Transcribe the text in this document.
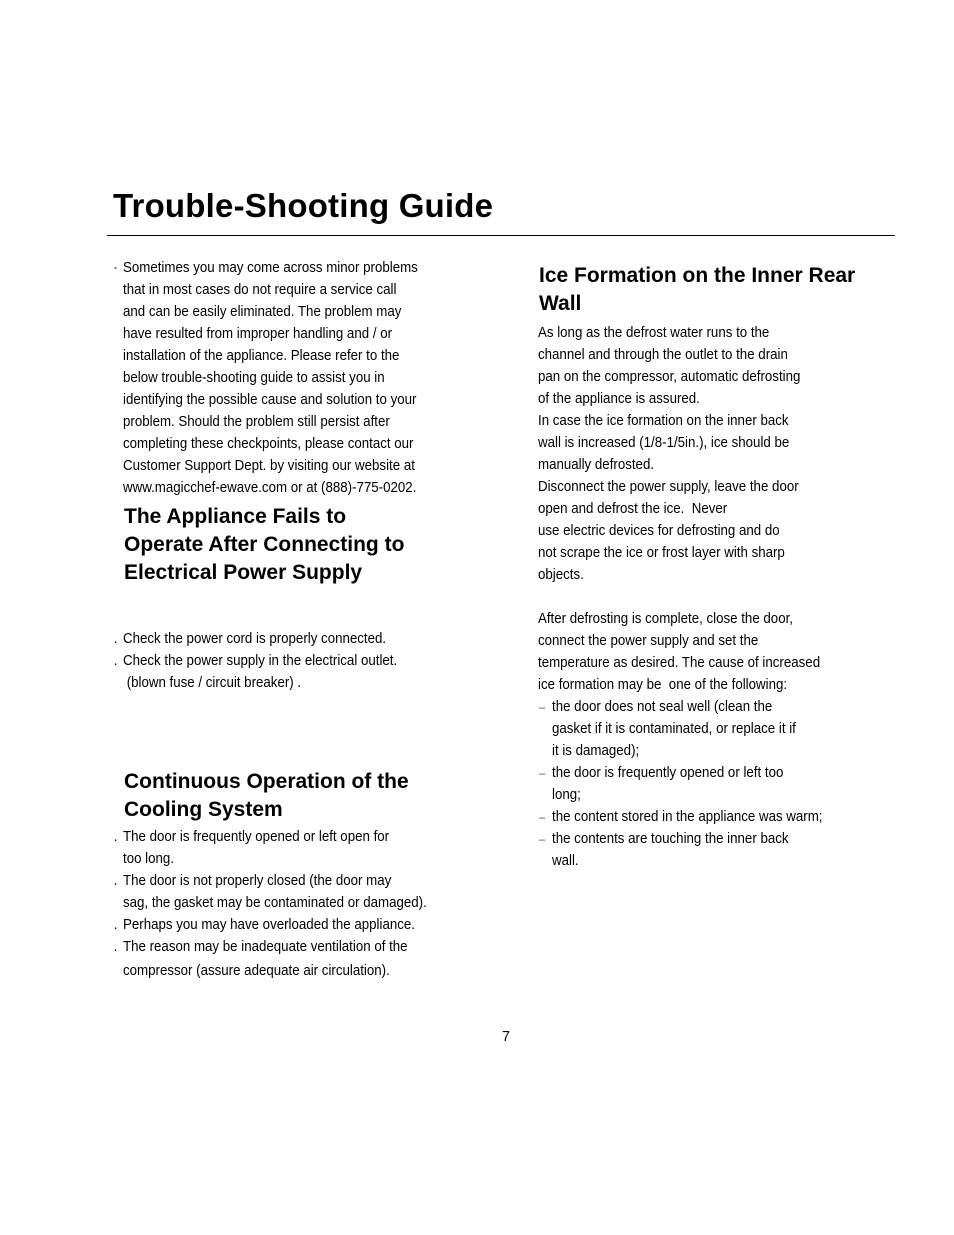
Trouble-Shooting Guide
- Sometimes you may come across minor problems
that in most cases do not require a service call
and can be easily eliminated. The problem may
have resulted from improper handling and / or
installation of the appliance. Please refer to the
below trouble-shooting guide to assist you in
identifying the possible cause and solution to your
problem. Should the problem still persist after
completing these checkpoints, please contact our
Customer Support Dept. by visiting our website at
www.magicchef-ewave.com or at (888)-775-0202.
The Appliance Fails to
Operate After Connecting to
Electrical Power Supply
. Check the power cord is properly connected.
. Check the power supply in the electrical outlet.
(blown fuse / circuit breaker) .
Continuous Operation of the
Cooling System
. The door is frequently opened or left open for
too long.
. The door is not properly closed (the door may
sag, the gasket may be contaminated or damaged).
. Perhaps you may have overloaded the appliance.
. The reason may be inadequate ventilation of the
compressor (assure adequate air circulation).
Ice Formation on the Inner Rear
Wall
As long as the defrost water runs to the
channel and through the outlet to the drain
pan on the compressor, automatic defrosting
of the appliance is assured.
In case the ice formation on the inner back
wall is increased (1/8-1/5in.), ice should be
manually defrosted.
Disconnect the power supply, leave the door
open and defrost the ice.  Never
use electric devices for defrosting and do
not scrape the ice or frost layer with sharp
objects.
After defrosting is complete, close the door,
connect the power supply and set the
temperature as desired. The cause of increased
ice formation may be  one of the following:
– the door does not seal well (clean the
gasket if it is contaminated, or replace it if
it is damaged);
– the door is frequently opened or left too
long;
– the content stored in the appliance was warm;
– the contents are touching the inner back
wall.
7
